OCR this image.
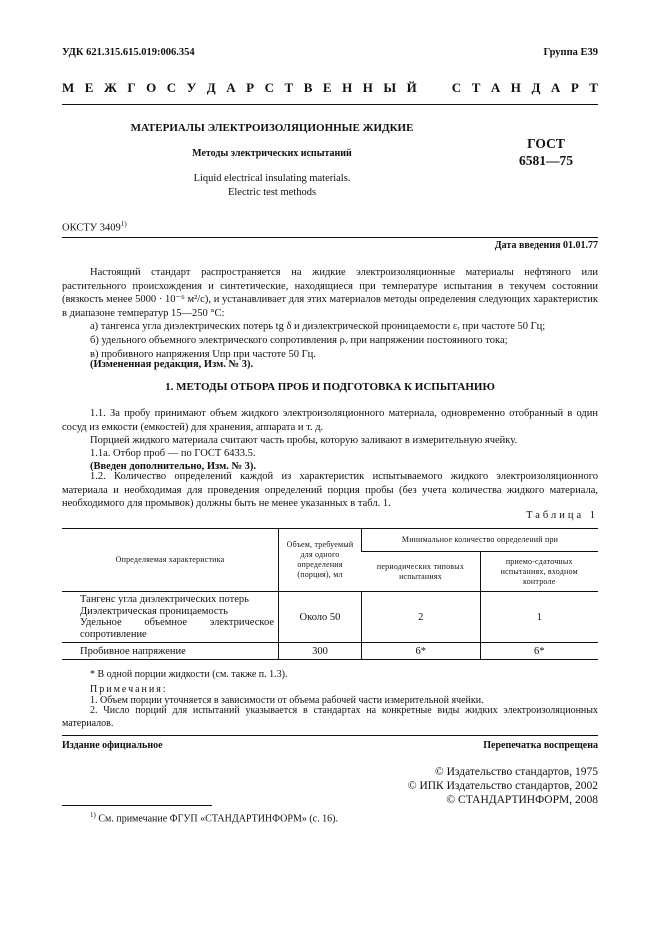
УДК 621.315.615.019:006.354	Группа Е39
М Е Ж Г О С У Д А Р С Т В Е Н Н Ы Й	С Т А Н Д А Р Т
МАТЕРИАЛЫ ЭЛЕКТРОИЗОЛЯЦИОННЫЕ ЖИДКИЕ
Методы электрических испытаний
Liquid electrical insulating materials.
Electric test methods
ГОСТ
6581—75
ОКСТУ 3409$^{1)}$
Дата введения 01.01.77
Настоящий стандарт распространяется на жидкие электроизоляционные материалы нефтяного или растительного происхождения и синтетические, находящиеся при температуре испытания в текучем состоянии (вязкость менее 5000 · 10⁻⁶ м²/с), и устанавливает для этих материалов методы определения следующих характеристик в диапазоне температур 15—250 °С:
а) тангенса угла диэлектрических потерь tg δ и диэлектрической проницаемости εᵣ при частоте 50 Гц;
б) удельного объемного электрического сопротивления ρᵥ при напряжении постоянного тока;
в) пробивного напряжения Uпр при частоте 50 Гц.
(Измененная редакция, Изм. № 3).
1. МЕТОДЫ ОТБОРА ПРОБ И ПОДГОТОВКА К ИСПЫТАНИЮ
1.1. За пробу принимают объем жидкого электроизоляционного материала, одновременно отобранный в один сосуд из емкости (емкостей) для хранения, аппарата и т. д.
Порцией жидкого материала считают часть пробы, которую заливают в измерительную ячейку.
1.1а. Отбор проб — по ГОСТ 6433.5.
(Введен дополнительно, Изм. № 3).
1.2. Количество определений каждой из характеристик испытываемого жидкого электроизоляционного материала и необходимая для проведения определений порция пробы (без учета количества жидкого материала, необходимого для промывок) должны быть не менее указанных в табл. 1.
Таблица 1
Определяемая характеристика	Объем, требуемый для одного определения (порция), мл	Минимальное количество определений при	
		периодических типовых испытаниях	приемо-сдаточных испытаниях, входном контроле

Тангенс угла диэлектрических потерь
Диэлектрическая проницаемость
Удельное объемное электрическое сопротивление	Около 50	2	1
Пробивное напряжение	300	6*	6*
* В одной порции жидкости (см. также п. 1.3).
Примечания:
1. Объем порции уточняется в зависимости от объема рабочей части измерительной ячейки.
2. Число порций для испытаний указывается в стандартах на конкретные виды жидких электроизоляционных материалов.
Издание официальное	Перепечатка воспрещена
© Издательство стандартов, 1975
© ИПК Издательство стандартов, 2002
© СТАНДАРТИНФОРМ, 2008
$^{1)}$ См. примечание ФГУП «СТАНДАРТИНФОРМ» (с. 16).
